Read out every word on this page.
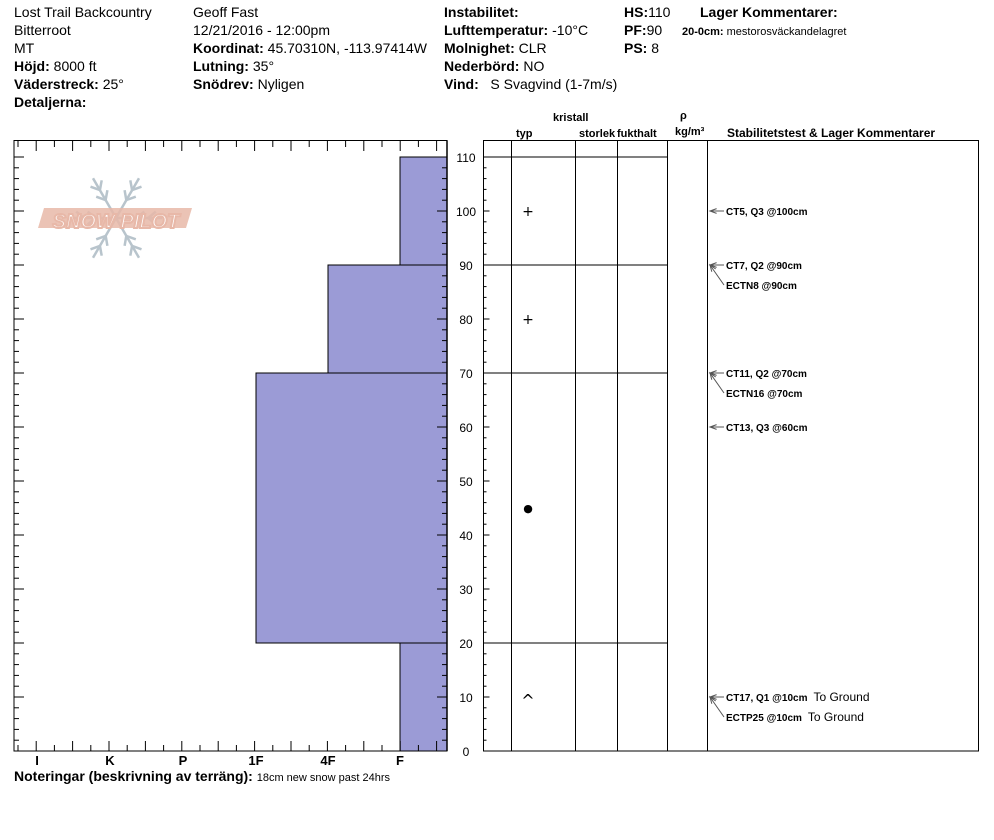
Lost Trail Backcountry
Bitterroot
MT
Höjd: 8000 ft
Väderstreck: 25°
Detaljerna:
Geoff Fast
12/21/2016 - 12:00pm
Koordinat: 45.70310N, -113.97414W
Lutning: 35°
Snödrev: Nyligen
Instabilitet:
Lufttemperatur: -10°C
Molnighet: CLR
Nederbörd: NO
Vind: S Svagvind (1-7m/s)
HS:110
PF:90
PS: 8
Lager Kommentarer:
20-0cm: mestorosväckandelagret
kristall
typ	storlek fukthalt
ρ
kg/m³ Stabilitetstest & Lager Kommentarer
SNOW PILOT
I	K	P	1F	4F	F
0
10
20
30
40
50
60
70
80
90
100
110
+
+
●
^
CT5, Q3 @100cm
CT7, Q2 @90cm
ECTN8 @90cm
CT11, Q2 @70cm
ECTN16 @70cm
CT13, Q3 @60cm
CT17, Q1 @10cm To Ground
ECTP25 @10cm To Ground
Noteringar (beskrivning av terräng): 18cm new snow past 24hrs
